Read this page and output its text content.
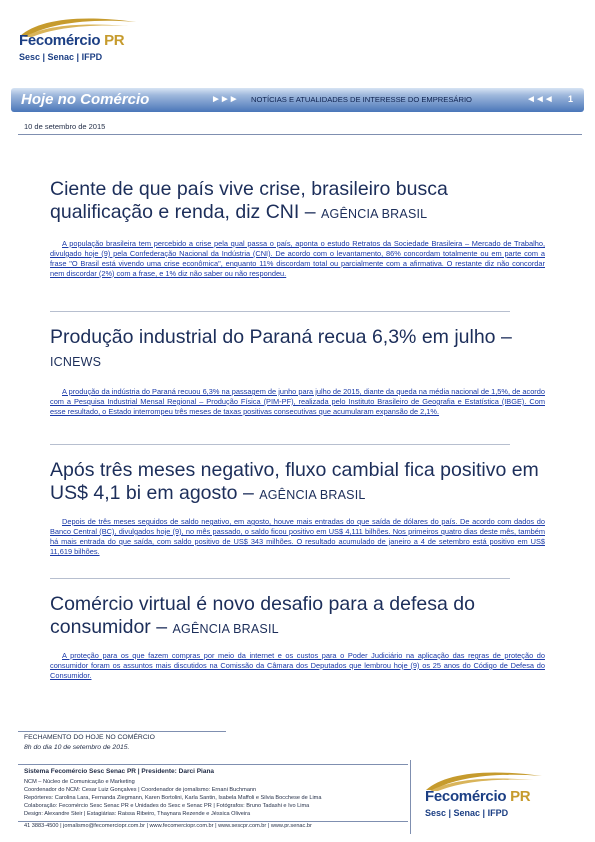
Fecomércio PR
Sesc | Senac | IFPD
Hoje no Comércio	►►► NOTÍCIAS E ATUALIDADES DE INTERESSE DO EMPRESÁRIO	◄◄◄ 1
10 de setembro de 2015
Ciente de que país vive crise, brasileiro busca qualificação e renda, diz CNI – AGÊNCIA BRASIL
A população brasileira tem percebido a crise pela qual passa o país, aponta o estudo Retratos da Sociedade Brasileira – Mercado de Trabalho, divulgado hoje (9) pela Confederação Nacional da Indústria (CNI). De acordo com o levantamento, 86% concordam totalmente ou em parte com a frase "O Brasil está vivendo uma crise econômica", enquanto 11% discordam total ou parcialmente com a afirmativa. O restante diz não concordar nem discordar (2%) com a frase, e 1% diz não saber ou não respondeu.
Produção industrial do Paraná recua 6,3% em julho – ICNEWS
A produção da indústria do Paraná recuou 6,3% na passagem de junho para julho de 2015, diante da queda na média nacional de 1,5%, de acordo com a Pesquisa Industrial Mensal Regional – Produção Física (PIM-PF), realizada pelo Instituto Brasileiro de Geografia e Estatística (IBGE). Com esse resultado, o Estado interrompeu três meses de taxas positivas consecutivas que acumularam expansão de 2,1%.
Após três meses negativo, fluxo cambial fica positivo em US$ 4,1 bi em agosto – AGÊNCIA BRASIL
Depois de três meses seguidos de saldo negativo, em agosto, houve mais entradas do que saída de dólares do país. De acordo com dados do Banco Central (BC), divulgados hoje (9), no mês passado, o saldo ficou positivo em US$ 4,111 bilhões. Nos primeiros quatro dias deste mês, também há mais entrada do que saída, com saldo positivo de US$ 343 milhões. O resultado acumulado de janeiro a 4 de setembro está positivo em US$ 11,619 bilhões.
Comércio virtual é novo desafio para a defesa do consumidor – AGÊNCIA BRASIL
A proteção para os que fazem compras por meio da internet e os custos para o Poder Judiciário na aplicação das regras de proteção do consumidor foram os assuntos mais discutidos na Comissão da Câmara dos Deputados que lembrou hoje (9) os 25 anos do Código de Defesa do Consumidor.
FECHAMENTO DO HOJE NO COMÉRCIO
8h do dia 10 de setembro de 2015.
Sistema Fecomércio Sesc Senac PR | Presidente: Darci Piana
NCM – Núcleo de Comunicação e Marketing
Coordenador do NCM: Cesar Luiz Gonçalves | Coordenador de jornalismo: Ernani Buchmann
Repórteres: Carolina Lara, Fernanda Ziegmann, Karen Bortolini, Karla Santin, Isabela Maffoli e Silvia Bocchese de Lima
Colaboração: Fecomércio Sesc Senac PR e Unidades do Sesc e Senac PR | Fotógrafos: Bruno Tadashi e Ivo Lima
Design: Alexandre Steir | Estagiárias: Raissa Ribeiro, Thaynara Rezende e Jéssica Oliveira
41 3883-4500 | jornalismo@fecomerciopr.com.br | www.fecomerciopr.com.br | www.sescpr.com.br | www.pr.senac.br
Fecomércio PR
Sesc | Senac | IFPD
